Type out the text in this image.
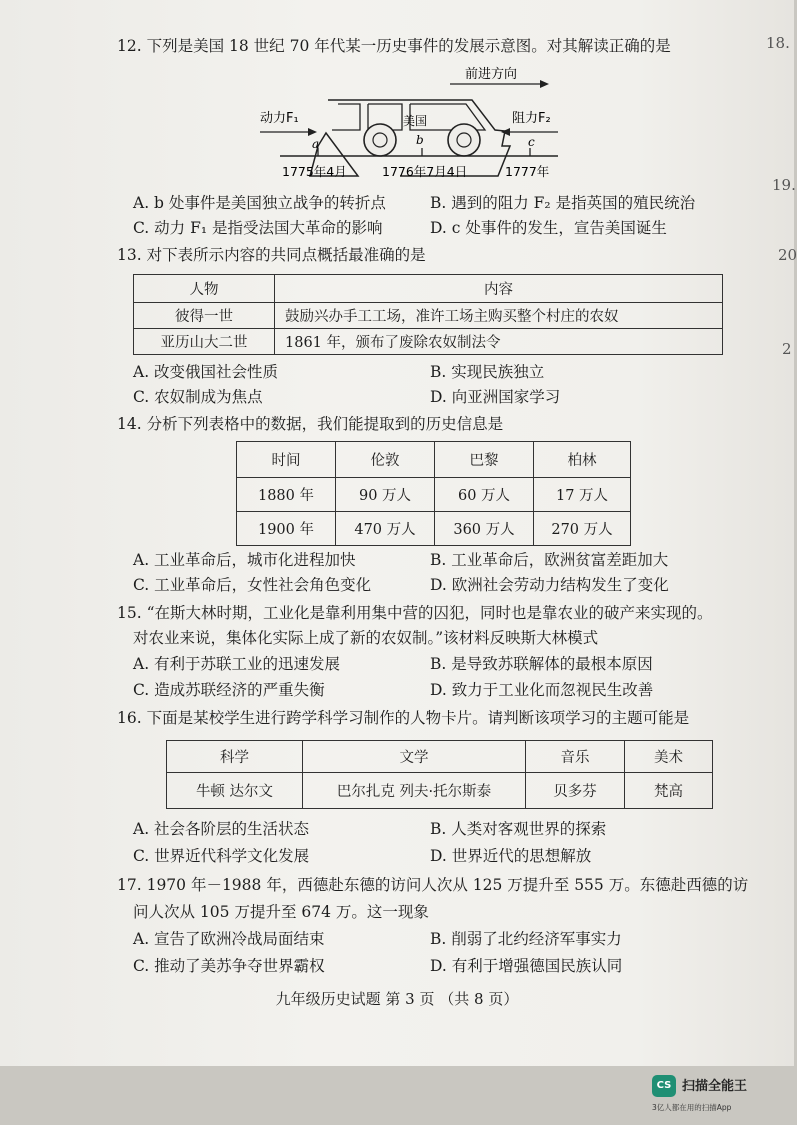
18.
19.
20
2
12. 下列是美国 18 世纪 70 年代某一历史事件的发展示意图。对其解读正确的是
前进方向
美国
动力F₁	阻力F₂
a	b	c
1775年4月	1776年7月4日	1777年
A. b 处事件是美国独立战争的转折点	B. 遇到的阻力 F₂ 是指英国的殖民统治
C. 动力 F₁ 是指受法国大革命的影响	D. c 处事件的发生，宣告美国诞生
13. 对下表所示内容的共同点概括最准确的是
人物	内容
彼得一世	鼓励兴办手工工场，准许工场主购买整个村庄的农奴
亚历山大二世	1861 年，颁布了废除农奴制法令
A. 改变俄国社会性质	B. 实现民族独立
C. 农奴制成为焦点	D. 向亚洲国家学习
14. 分析下列表格中的数据，我们能提取到的历史信息是
时间	伦敦	巴黎	柏林
1880 年	90 万人	60 万人	17 万人
1900 年	470 万人	360 万人	270 万人
A. 工业革命后，城市化进程加快	B. 工业革命后，欧洲贫富差距加大
C. 工业革命后，女性社会角色变化	D. 欧洲社会劳动力结构发生了变化
15. “在斯大林时期，工业化是靠利用集中营的囚犯，同时也是靠农业的破产来实现的。
对农业来说，集体化实际上成了新的农奴制。”该材料反映斯大林模式
A. 有利于苏联工业的迅速发展	B. 是导致苏联解体的最根本原因
C. 造成苏联经济的严重失衡	D. 致力于工业化而忽视民生改善
16. 下面是某校学生进行跨学科学习制作的人物卡片。请判断该项学习的主题可能是
科学	文学	音乐	美术
牛顿 达尔文	巴尔扎克 列夫·托尔斯泰	贝多芬	梵高
A. 社会各阶层的生活状态	B. 人类对客观世界的探索
C. 世界近代科学文化发展	D. 世界近代的思想解放
17. 1970 年－1988 年，西德赴东德的访问人次从 125 万提升至 555 万。东德赴西德的访
问人次从 105 万提升至 674 万。这一现象
A. 宣告了欧洲冷战局面结束	B. 削弱了北约经济军事实力
C. 推动了美苏争夺世界霸权	D. 有利于增强德国民族认同
九年级历史试题 第 3 页 （共 8 页）
CS 扫描全能王
3亿人都在用的扫描App
